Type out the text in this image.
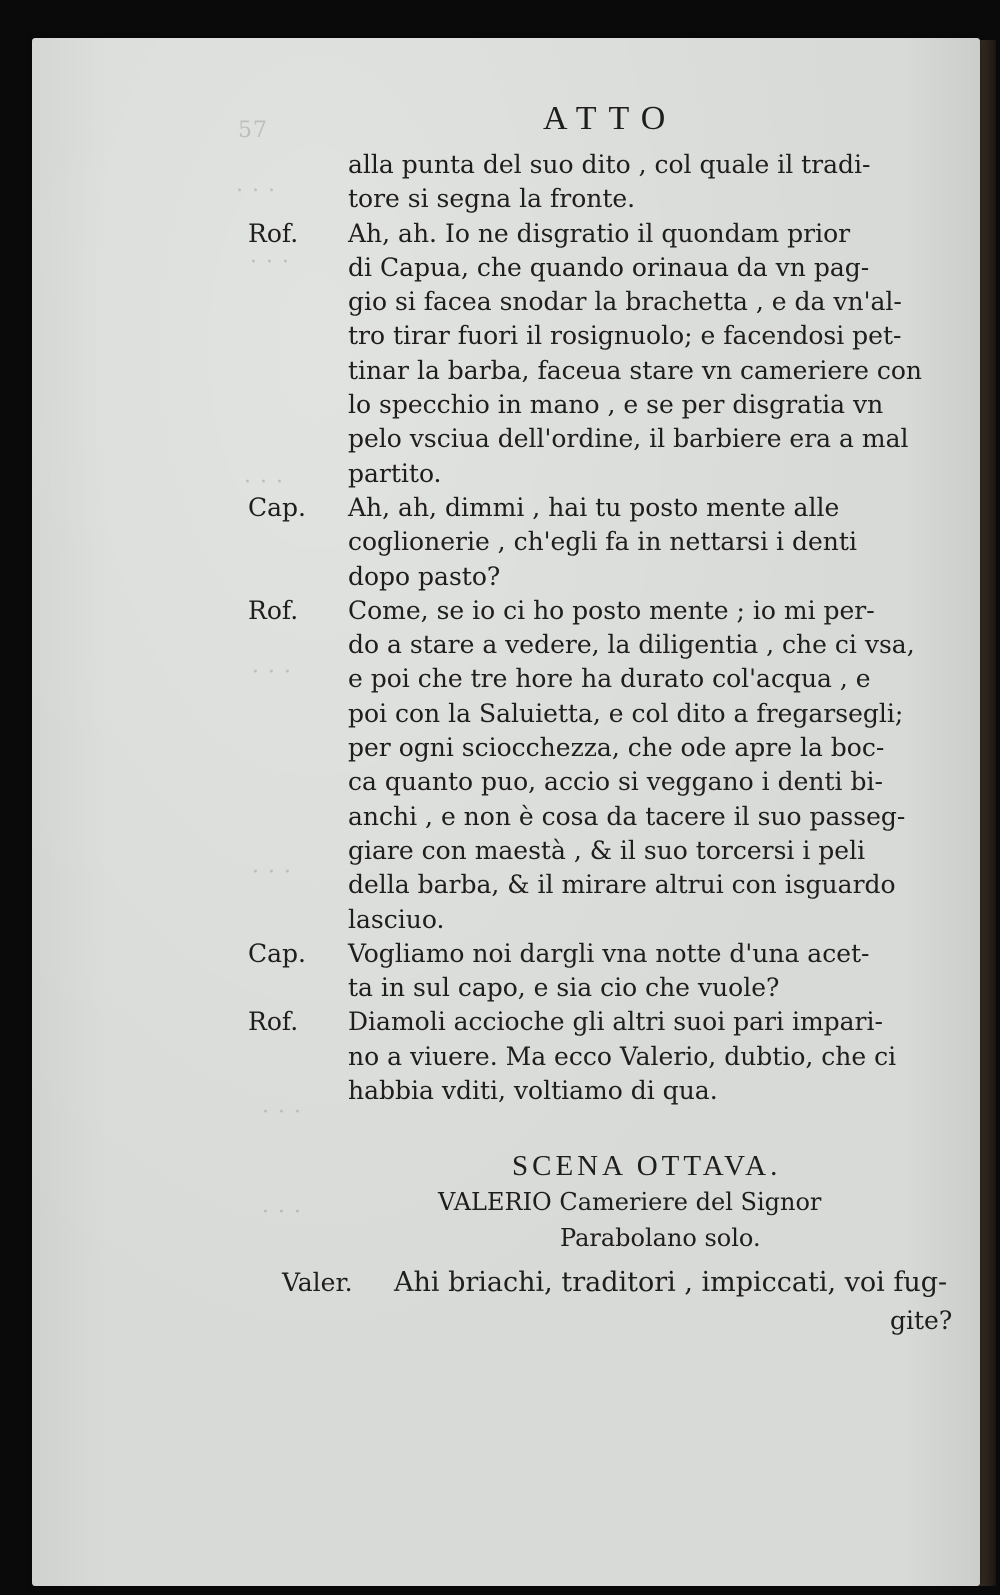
57
. . .
· · ·
· · ·
· · ·
· · ·
· · ·
· · ·
ATTO
alla punta del suo dito , col quale il tradi-
tore si segna la fronte.
Rof.	Ah, ah. Io ne disgratio il quondam prior
di Capua, che quando orinaua da vn pag-
gio si facea snodar la brachetta , e da vn'al-
tro tirar fuori il rosignuolo; e facendosi pet-
tinar la barba, faceua stare vn cameriere con
lo specchio in mano , e se per disgratia vn
pelo vsciua dell'ordine, il barbiere era a mal
partito.
Cap.	Ah, ah, dimmi , hai tu posto mente alle
coglionerie , ch'egli fa in nettarsi i denti
dopo pasto?
Rof.	Come, se io ci ho posto mente ; io mi per-
do a stare a vedere, la diligentia , che ci vsa,
e poi che tre hore ha durato col'acqua , e
poi con la Saluietta, e col dito a fregarsegli;
per ogni sciocchezza, che ode apre la boc-
ca quanto puo, accio si veggano i denti bi-
anchi , e non è cosa da tacere il suo passeg-
giare con maestà , & il suo torcersi i peli
della barba, & il mirare altrui con isguardo
lasciuo.
Cap.	Vogliamo noi dargli vna notte d'una acet-
ta in sul capo, e sia cio che vuole?
Rof.	Diamoli accioche gli altri suoi pari impari-
no a viuere. Ma ecco Valerio, dubtio, che ci
habbia vditi, voltiamo di qua.
SCENA OTTAVA.
VALERIO Cameriere del Signor
Parabolano solo.
Valer.	Ahi briachi, traditori , impiccati, voi fug-
gite?
